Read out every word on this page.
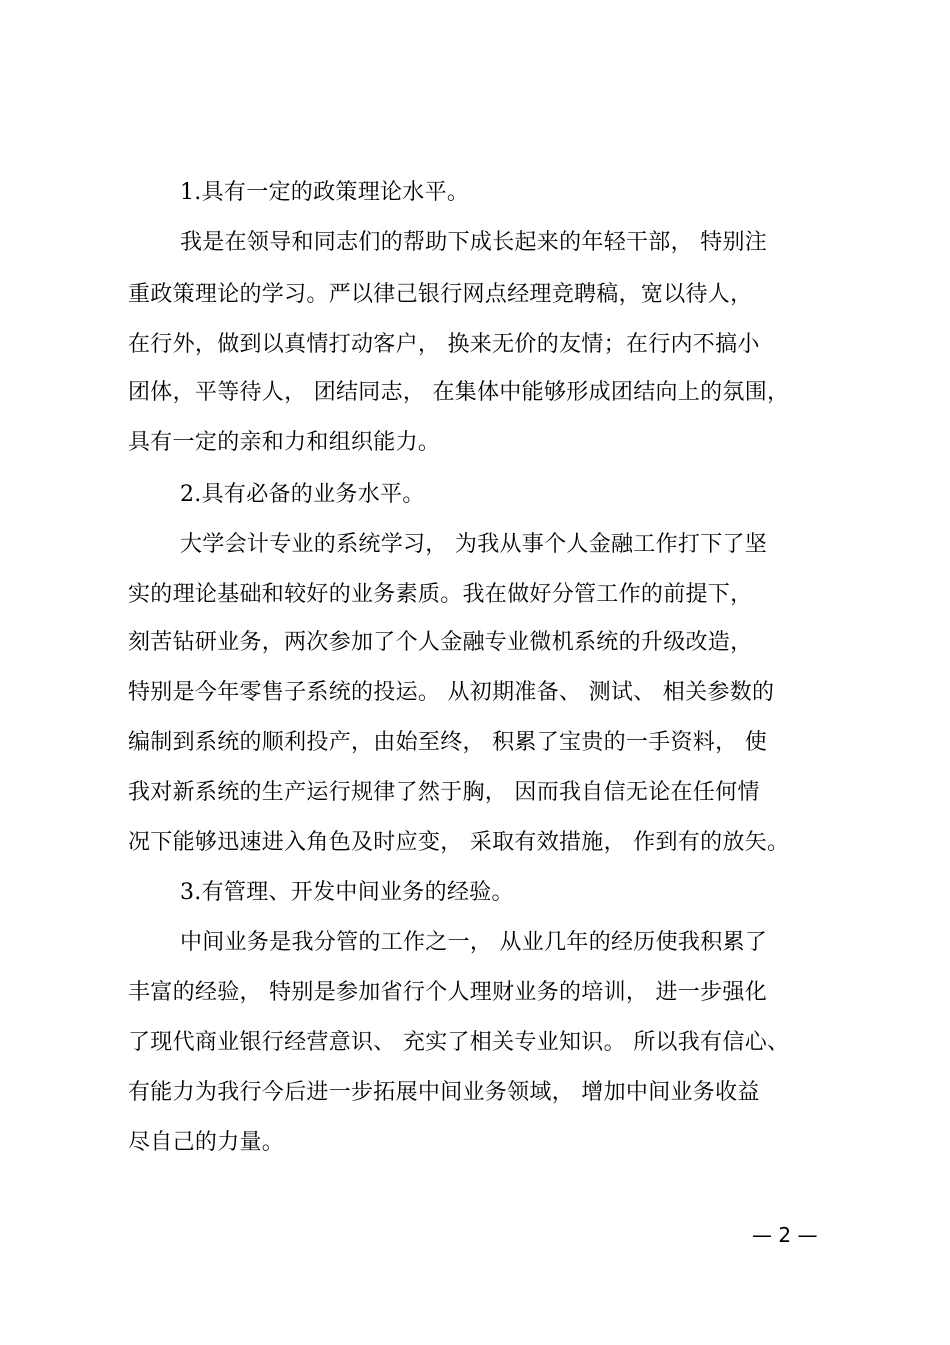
1.具有一定的政策理论水平。
我是在领导和同志们的帮助下成长起来的年轻干部， 特别注
重政策理论的学习。严以律己银行网点经理竞聘稿，宽以待人，
在行外，做到以真情打动客户， 换来无价的友情；在行内不搞小
团体，平等待人， 团结同志， 在集体中能够形成团结向上的氛围，
具有一定的亲和力和组织能力。
2.具有必备的业务水平。
大学会计专业的系统学习， 为我从事个人金融工作打下了坚
实的理论基础和较好的业务素质。我在做好分管工作的前提下，
刻苦钻研业务，两次参加了个人金融专业微机系统的升级改造，
特别是今年零售子系统的投运。 从初期准备、 测试、 相关参数的
编制到系统的顺利投产，由始至终， 积累了宝贵的一手资料， 使
我对新系统的生产运行规律了然于胸， 因而我自信无论在任何情
况下能够迅速进入角色及时应变， 采取有效措施， 作到有的放矢。
3.有管理、开发中间业务的经验。
中间业务是我分管的工作之一， 从业几年的经历使我积累了
丰富的经验， 特别是参加省行个人理财业务的培训， 进一步强化
了现代商业银行经营意识、 充实了相关专业知识。 所以我有信心、
有能力为我行今后进一步拓展中间业务领域， 增加中间业务收益
尽自己的力量。
— 2 —
